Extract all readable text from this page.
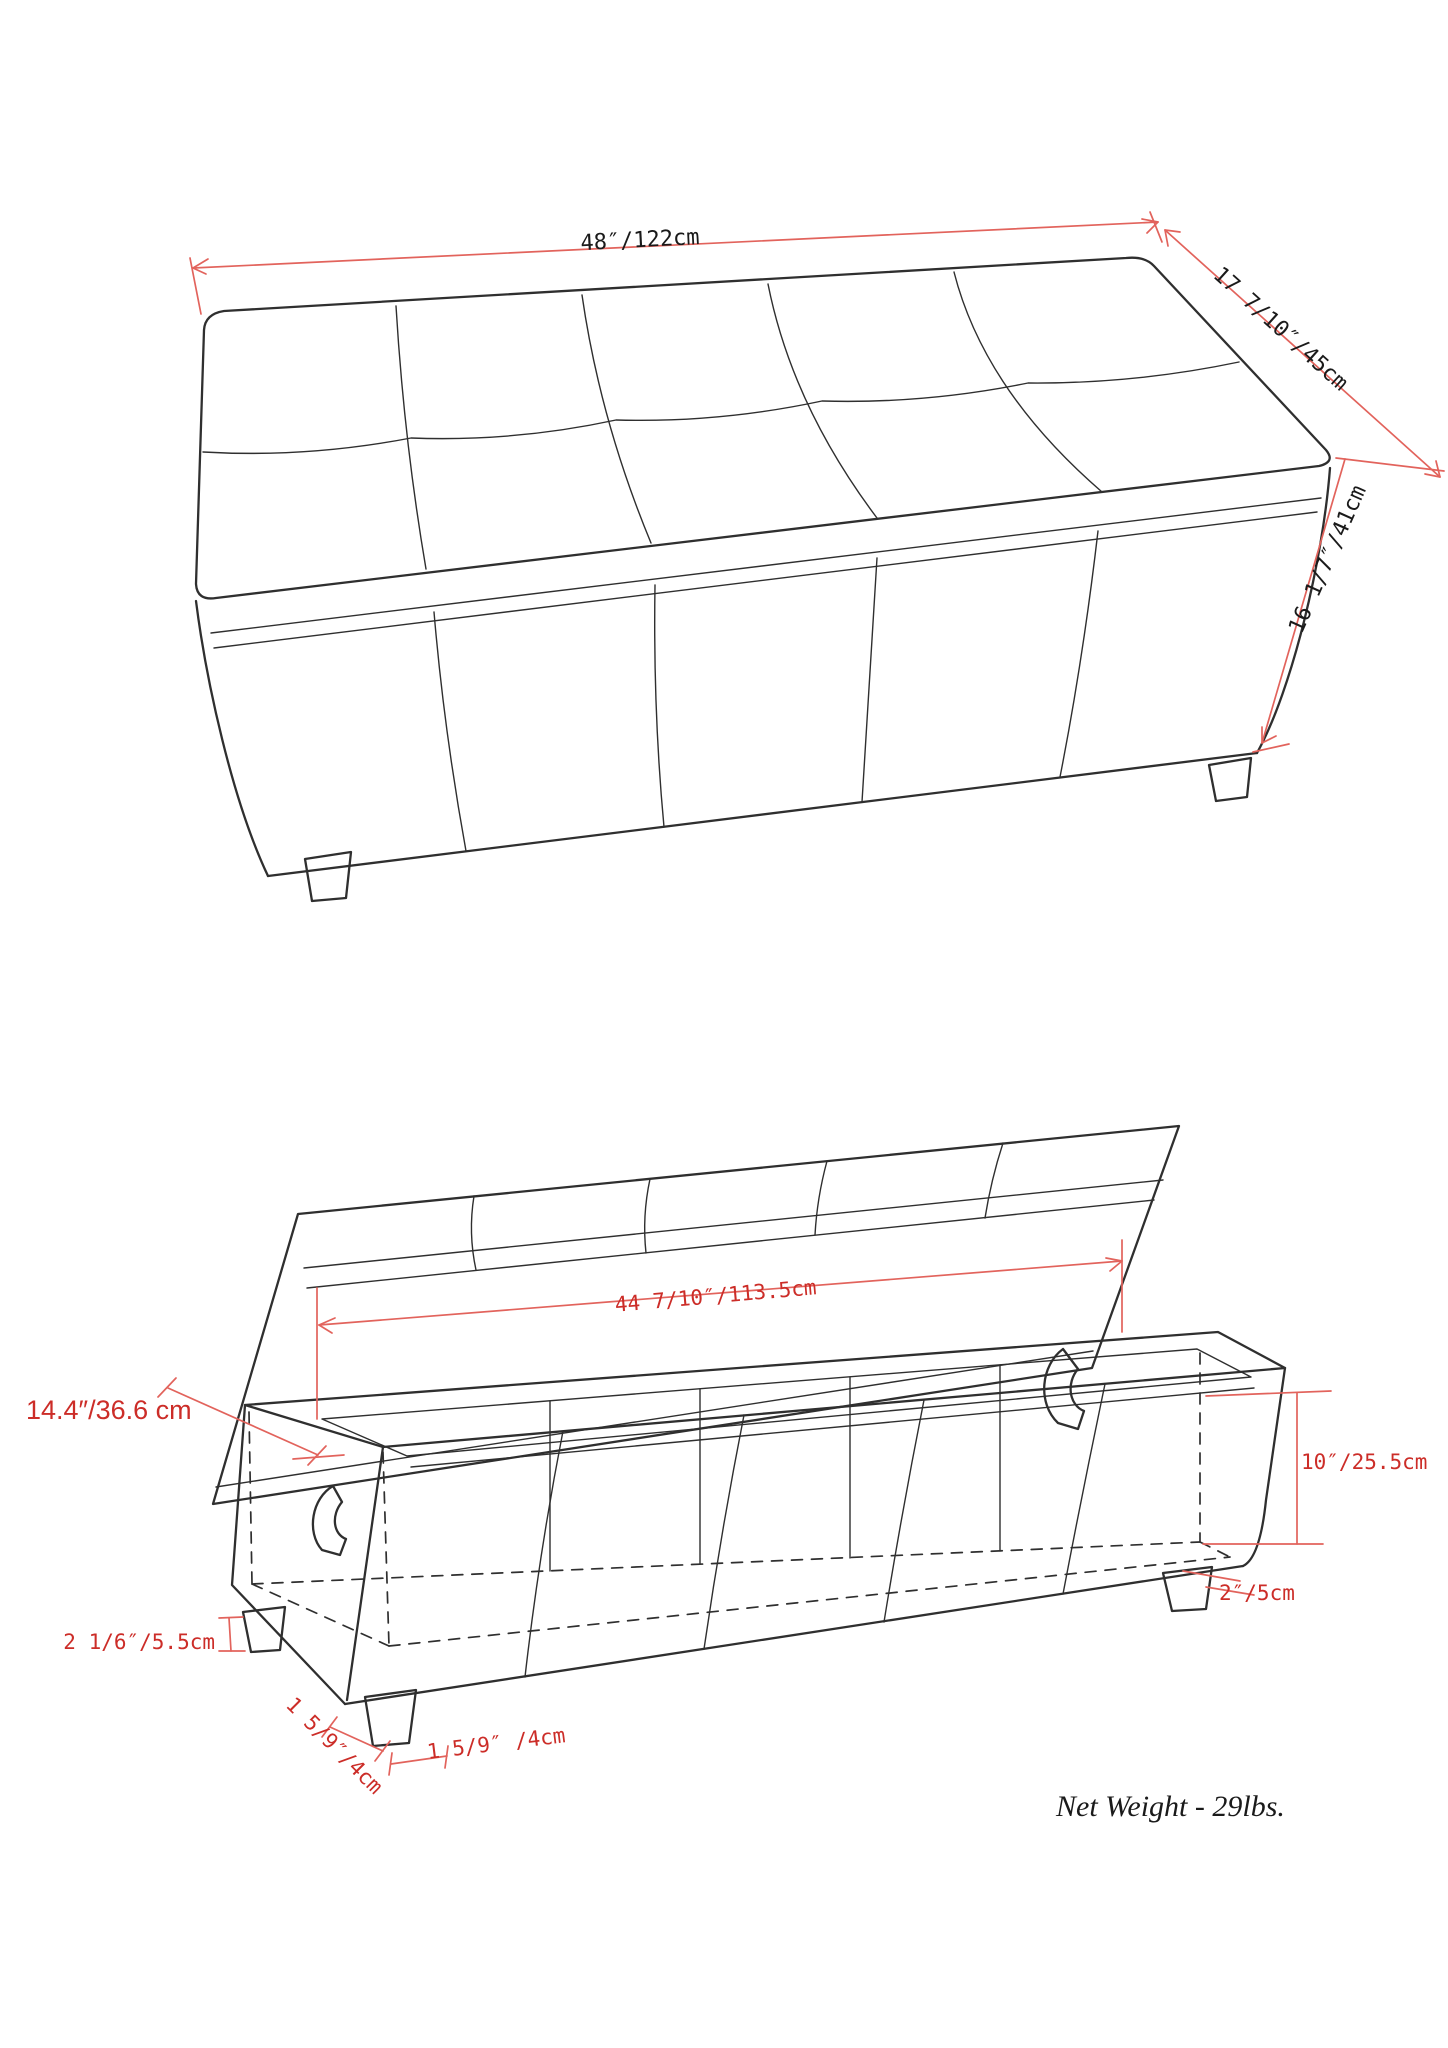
48″/122cm
17 7/10″/45cm
16 1/7″/41cm
44 7/10″/113.5cm
14.4″/36.6 cm
10″/25.5cm
2″/5cm
2 1/6″/5.5cm
1 5/9″/4cm 1 5/9″ /4cm
Net Weight - 29lbs.
